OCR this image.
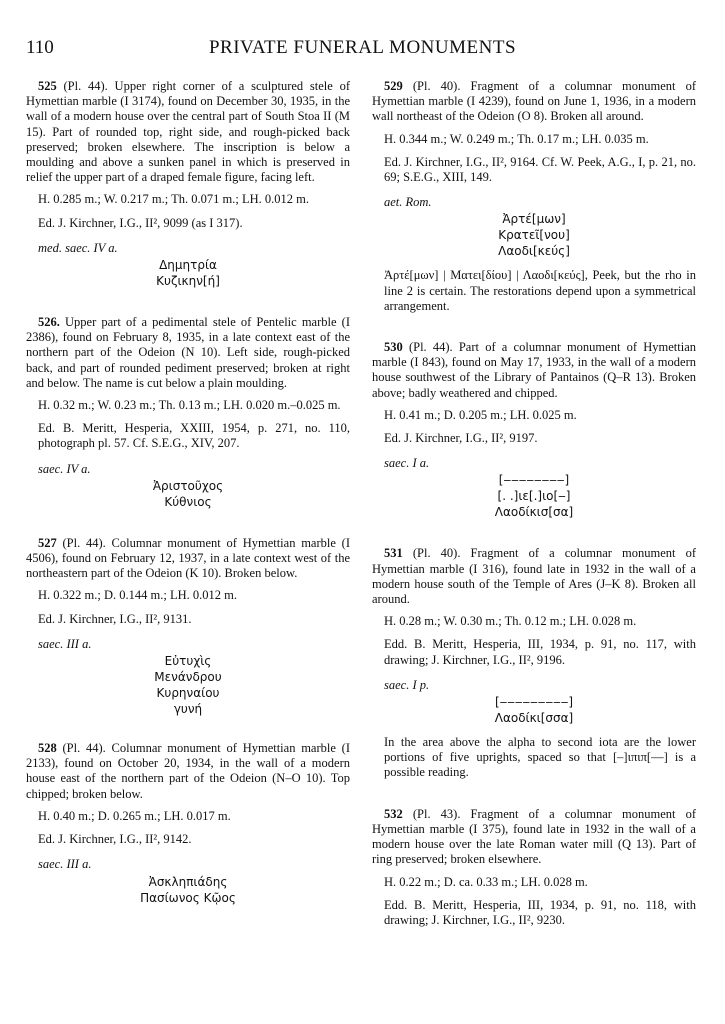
110	PRIVATE FUNERAL MONUMENTS

525 (Pl. 44). Upper right corner of a sculptured stele of Hymettian marble (I 3174), found on December 30, 1935, in the wall of a modern house over the central part of South Stoa II (M 15). Part of rounded top, right side, and rough-picked back preserved; broken elsewhere. The inscription is below a moulding and above a sunken panel in which is preserved in relief the upper part of a draped female figure, facing left.

H. 0.285 m.; W. 0.217 m.; Th. 0.071 m.; LH. 0.012 m.

Ed. J. Kirchner, I.G., II², 9099 (as I 317).

med. saec. IV a.

Δημητρία
Κυζικην[ή]

526. Upper part of a pedimental stele of Pentelic marble (I 2386), found on February 8, 1935, in a late context east of the northern part of the Odeion (N 10). Left side, rough-picked back, and part of rounded pediment preserved; broken at right and below. The name is cut below a plain moulding.

H. 0.32 m.; W. 0.23 m.; Th. 0.13 m.; LH. 0.020 m.–0.025 m.

Ed. B. Meritt, Hesperia, XXIII, 1954, p. 271, no. 110, photograph pl. 57. Cf. S.E.G., XIV, 207.

saec. IV a.

Ἀριστοῦχος
Κύθνιος

527 (Pl. 44). Columnar monument of Hymettian marble (I 4506), found on February 12, 1937, in a late context west of the northeastern part of the Odeion (K 10). Broken below.

H. 0.322 m.; D. 0.144 m.; LH. 0.012 m.

Ed. J. Kirchner, I.G., II², 9131.

saec. III a.

Εὐτυχὶς
Μενάνδρου
Κυρηναίου
γυνή

528 (Pl. 44). Columnar monument of Hymettian marble (I 2133), found on October 20, 1934, in the wall of a modern house east of the northern part of the Odeion (N–O 10). Top chipped; broken below.

H. 0.40 m.; D. 0.265 m.; LH. 0.017 m.

Ed. J. Kirchner, I.G., II², 9142.

saec. III a.

Ἀσκληπιάδης
Πασίωνος Κῷος

529 (Pl. 40). Fragment of a columnar monument of Hymettian marble (I 4239), found on June 1, 1936, in a modern wall northeast of the Odeion (O 8). Broken all around.

H. 0.344 m.; W. 0.249 m.; Th. 0.17 m.; LH. 0.035 m.

Ed. J. Kirchner, I.G., II², 9164. Cf. W. Peek, A.G., I, p. 21, no. 69; S.E.G., XIII, 149.

aet. Rom.

Ἀρτέ[μων]
Κρατεῖ[νου]
Λαοδι[κεύς]

Ἀρτέ[μων] | Ματει[δίου] | Λαοδι[κεύς], Peek, but the rho in line 2 is certain. The restorations depend upon a symmetrical arrangement.

530 (Pl. 44). Part of a columnar monument of Hymettian marble (I 843), found on May 17, 1933, in the wall of a modern house southwest of the Library of Pantainos (Q–R 13). Broken above; badly weathered and chipped.

H. 0.41 m.; D. 0.205 m.; LH. 0.025 m.

Ed. J. Kirchner, I.G., II², 9197.

saec. I a.

[‒‒‒‒‒‒‒‒]
[. .]ιε[.]ιο[‒]
Λαοδίκισ[σα]

531 (Pl. 40). Fragment of a columnar monument of Hymettian marble (I 316), found late in 1932 in the wall of a modern house south of the Temple of Ares (J–K 8). Broken all around.

H. 0.28 m.; W. 0.30 m.; Th. 0.12 m.; LH. 0.028 m.

Edd. B. Meritt, Hesperia, III, 1934, p. 91, no. 117, with drawing; J. Kirchner, I.G., II², 9196.

saec. I p.

[‒‒‒‒‒‒‒‒‒]
Λαοδίκι[σσα]

In the area above the alpha to second iota are the lower portions of five uprights, spaced so that [‒]ιπιπ[‒‒] is a possible reading.

532 (Pl. 43). Fragment of a columnar monument of Hymettian marble (I 375), found late in 1932 in the wall of a modern house over the late Roman water mill (Q 13). Part of ring preserved; broken elsewhere.

H. 0.22 m.; D. ca. 0.33 m.; LH. 0.028 m.

Edd. B. Meritt, Hesperia, III, 1934, p. 91, no. 118, with drawing; J. Kirchner, I.G., II², 9230.
